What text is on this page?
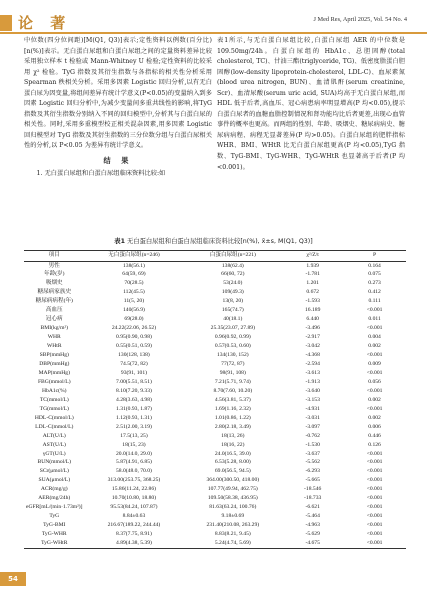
论 著	J Med Res, April 2025, Vol. 54 No. 4

中位数(四分位间距)[M(Q1, Q3)]表示;定性资料以例数(百分比)[n(%)]表示。无白蛋白尿组和白蛋白尿组之间的定量资料差异比较采用独立样本 t 检验或 Mann-Whitney U 检验;定性资料的比较采用 χ² 检验。TyG 指数及其衍生指数与各指标的相关性分析采用 Spearman 秩相关分析。采用多因素 Logistic 回归分析,以有无白蛋白尿为因变量,将组间差异有统计学意义(P<0.05)的变量纳入到多因素 Logistic 回归分析中,为减少变量间多重共线性的影响,将TyG指数及其衍生指数分别纳入不同的回归模型中,分析其与白蛋白尿的相关性。同时,采用多重模型校正相关混杂因素,用多因素 Logistic 回归模型对 TyG 指数及其衍生指数的三分位数分组与白蛋白尿相关性的分析,以 P<0.05 为差异有统计学意义。

结 果

1. 无白蛋白尿组和白蛋白尿组临床资料比较:如

表1所示,与无白蛋白尿组比较,白蛋白尿组 AER 的中位数是 109.50mg/24h。白蛋白尿组的 HbA1c、总胆固醇(total cholesterol, TC)、甘油三酯(triglyceride, TG)、低密度脂蛋白胆固醇(low-density lipoprotein-cholesterol, LDL-C)、血尿素氮(blood urea nitrogen, BUN)、血清肌酐(serum creatinine, Scr)、血清尿酸(serum uric acid, SUA)均高于无白蛋白尿组,而 HDL 低于后者,高血压、冠心病患病率明显增高(P 均<0.05),提示白蛋白尿者的血糖血脂控制情况和肾功能均比后者更差,出现心血管事件的概率也更高。而两组的性别、年龄、吸烟史、糖尿病病史、糖尿病病程、病程无显著差异(P 均>0.05)。白蛋白尿组的肥胖指标 WHR、BMI、WHtR 比无白蛋白尿组更高(P 均<0.05),TyG 指数、TyG-BMI、TyG-WHR、TyG-WHtR 也显著高于后者(P 均<0.001)。

表1 无白蛋白尿组和白蛋白尿组临床资料比较[n(%), x̄±s, M(Q1, Q3)]
项目	无白蛋白尿组(n=246)	白蛋白尿组(n=221)	χ²/Z/t	P
男性	138(56.1)	138(62.4)	1.939	0.164
年龄(岁)	64(59, 69)	66(60, 72)	-1.781	0.075
吸烟史	70(28.5)	53(24.0)	1.201	0.273
糖尿病家族史	112(45.5)	109(49.3)	0.672	0.412
糖尿病病程(年)	11(5, 20)	13(8, 20)	-1.593	0.111
高血压	140(56.9)	165(74.7)	16.189	<0.001
冠心病	69(28.0)	40(18.1)	6.440	0.011
BMI(kg/m²)	24.22(22.06, 26.52)	25.35(23.07, 27.89)	-3.496	<0.001
WHR	0.95(0.90, 0.98)	0.96(0.92, 0.99)	-2.917	0.004
WHtR	0.55(0.51, 0.59)	0.57(0.53, 0.60)	-3.042	0.002
SBP(mmHg)	130(128, 138)	134(130, 152)	-4.368	<0.001
DBP(mmHg)	74.5(72, 82)	77(72, 87)	-2.594	0.009
MAP(mmHg)	93(91, 101)	98(91, 108)	-3.613	<0.001
FBG(mmol/L)	7.00(5.51, 8.51)	7.21(5.71, 9.74)	-1.913	0.056
HbA1c(%)	8.10(7.20, 9.33)	8.70(7.60, 10.20)	-3.640	<0.001
TC(mmol/L)	4.28(3.63, 4.98)	4.56(3.81, 5.37)	-3.153	0.002
TG(mmol/L)	1.31(0.93, 1.87)	1.69(1.16, 2.32)	-4.931	<0.001
HDL-C(mmol/L)	1.12(0.93, 1.31)	1.01(0.86, 1.22)	-3.031	0.002
LDL-C(mmol/L)	2.51(2.00, 3.19)	2.80(2.18, 3.49)	-3.097	0.006
ALT(U/L)	17.5(13, 25)	18(13, 26)	-0.762	0.446
AST(U/L)	18(15, 23)	18(16, 22)	-1.530	0.126
γGT(U/L)	20.0(14.0, 29.0)	24.0(16.5, 39.0)	-3.637	<0.001
BUN(mmol/L)	5.87(4.91, 6.85)	6.53(5.28, 8.00)	-5.562	<0.001
SCr(μmol/L)	58.0(48.0, 70.0)	69.0(56.5, 94.5)	-6.293	<0.001
SUA(μmol/L)	313.00(253.75, 368.25)	364.00(300.50, 418.00)	-5.665	<0.001
ACR(mg/g)	15.86(11.24, 22.86)	107.77(49.94, 462.75)	-18.546	<0.001
AER(mg/24h)	10.70(10.80, 18.80)	109.50(58.38, 436.95)	-18.733	<0.001
eGFR[mL/(min·1.73m²)]	95.53(84.24, 107.87)	81.63(63.24, 100.76)	-6.621	<0.001
TyG	8.84±0.63	9.18±0.69	-5.464	<0.001
TyG-BMI	216.67(189.22, 244.44)	231.40(210.08, 263.29)	-4.963	<0.001
TyG-WHR	8.37(7.75, 8.91)	8.83(8.21, 9.45)	-5.629	<0.001
TyG-WHtR	4.89(4.38, 5.39)	5.24(4.74, 5.69)	-4.675	<0.001
54
